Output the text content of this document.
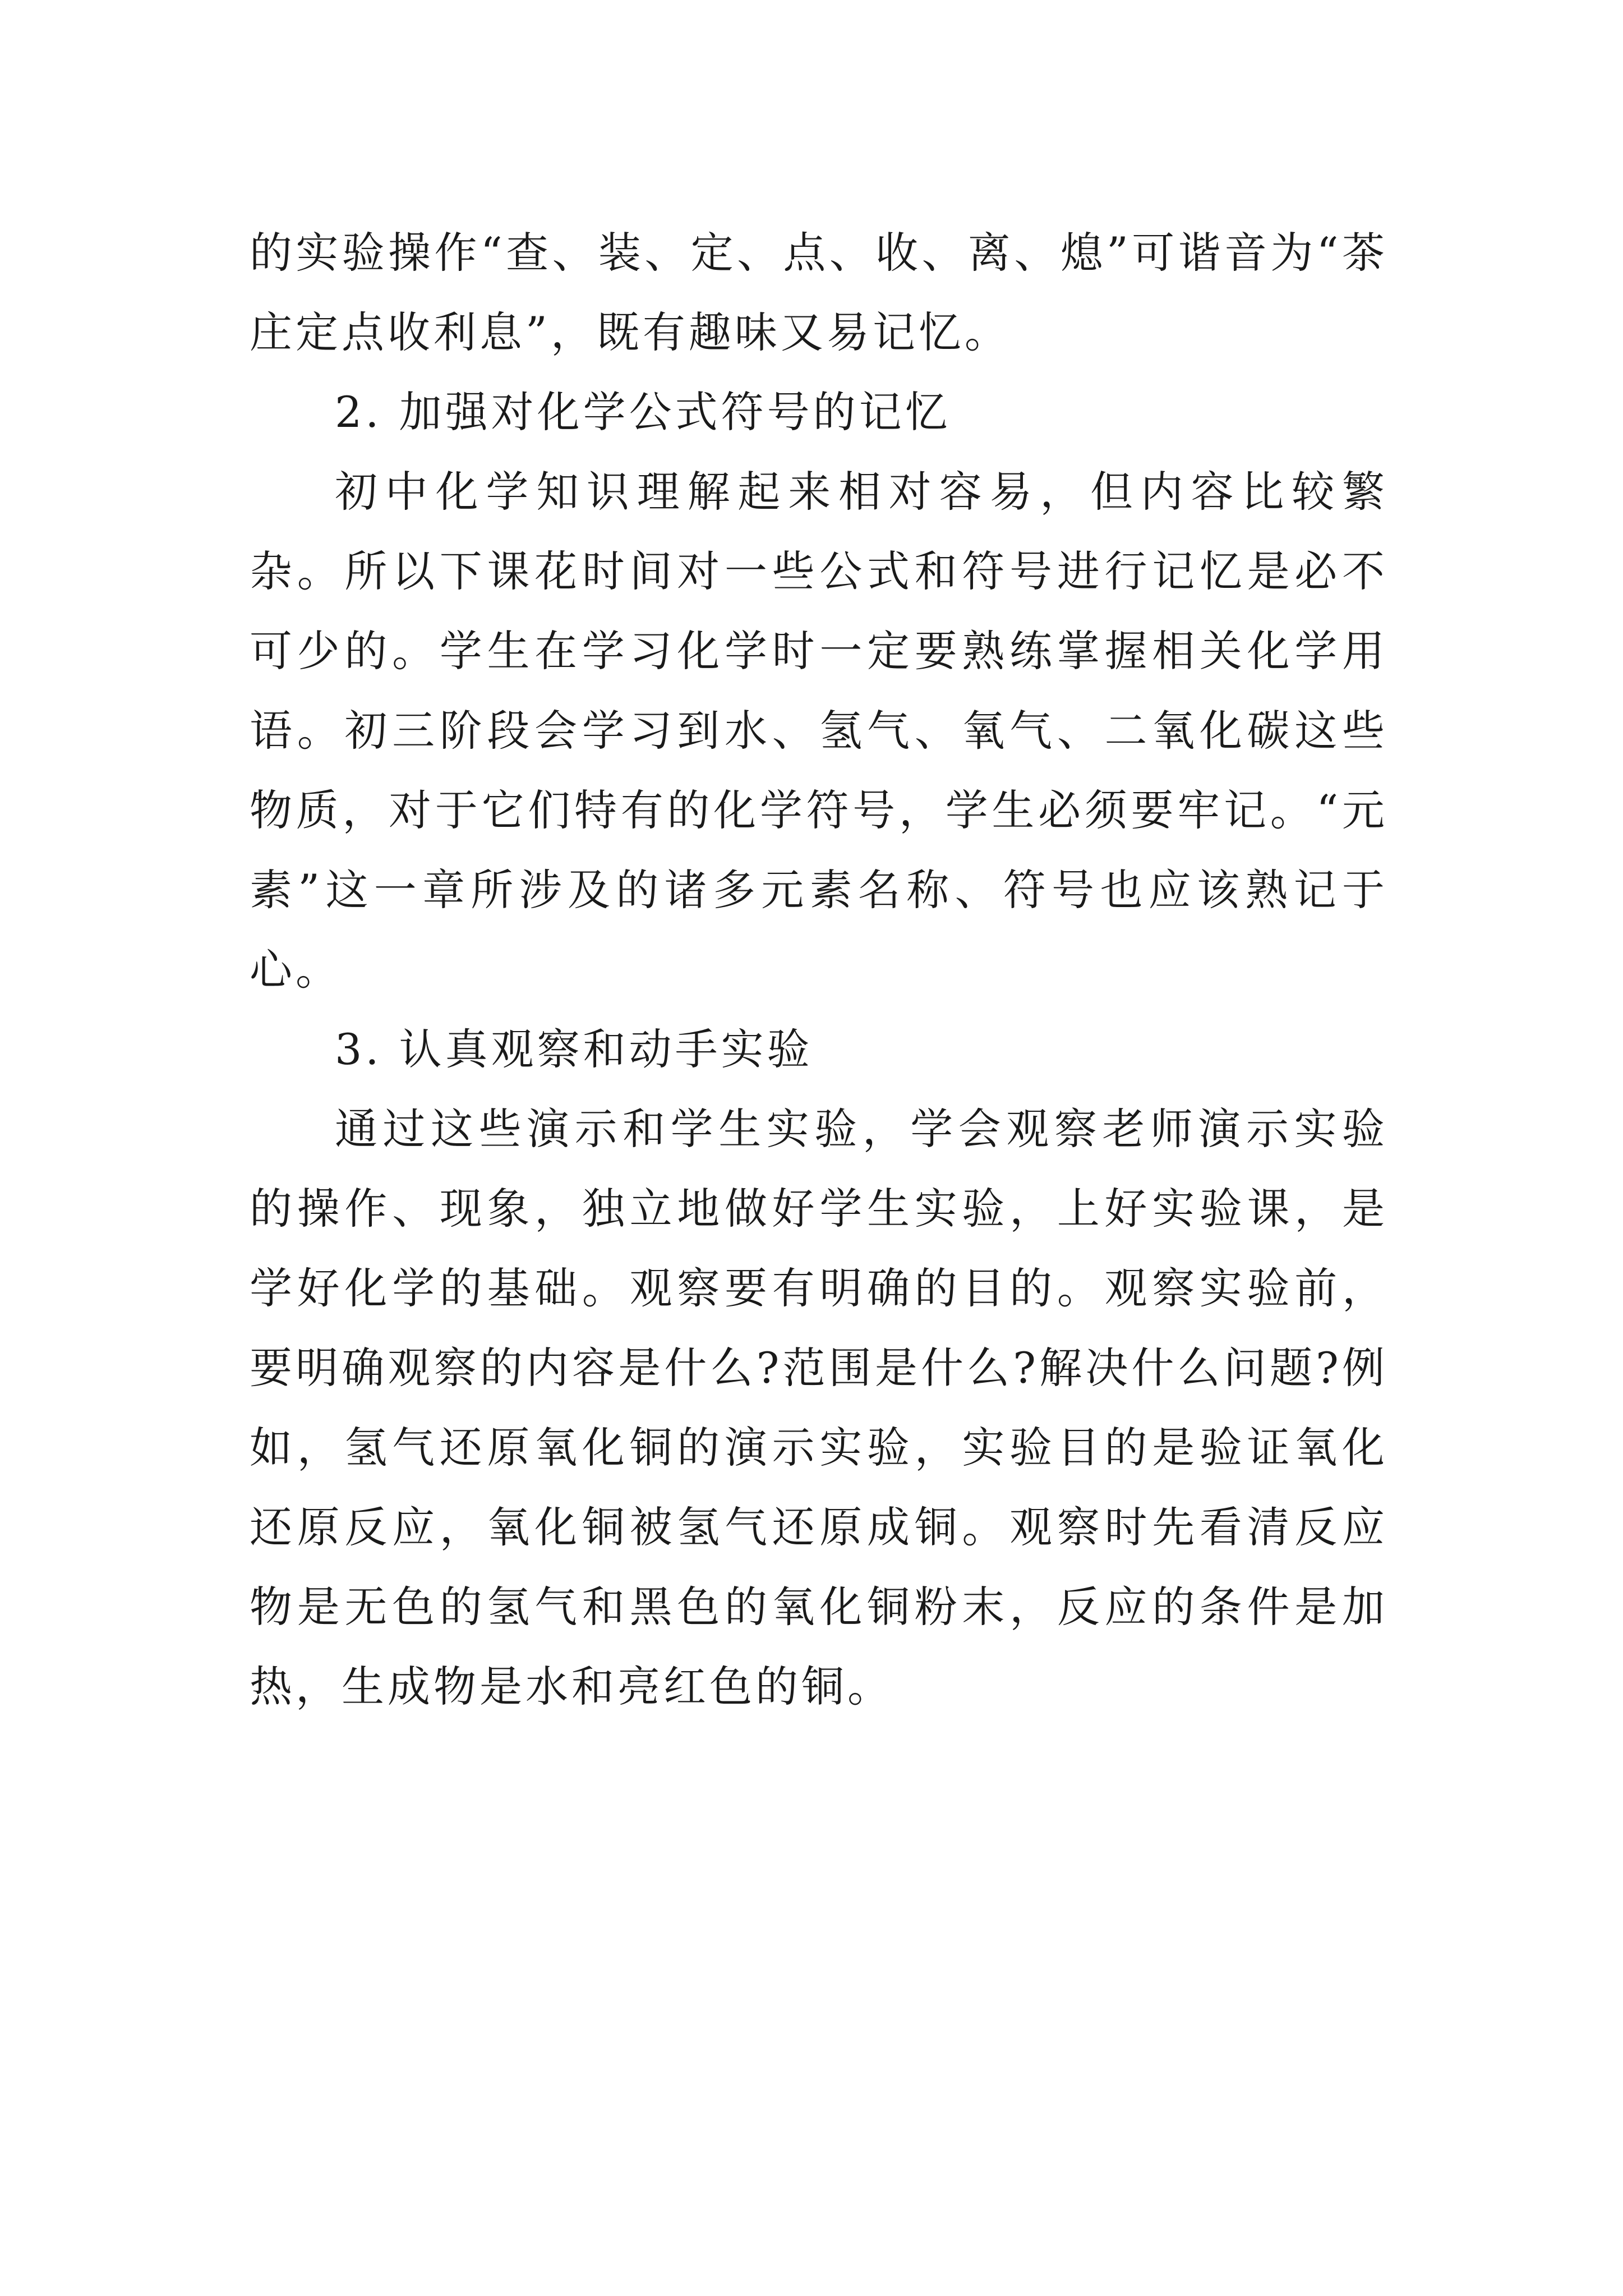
的实验操作“查、装、定、点、收、离、熄”可谐音为“茶庄定点收利息”，既有趣味又易记忆。

2. 加强对化学公式符号的记忆

初中化学知识理解起来相对容易，但内容比较繁杂。所以下课花时间对一些公式和符号进行记忆是必不可少的。学生在学习化学时一定要熟练掌握相关化学用语。初三阶段会学习到水、氢气、氧气、二氧化碳这些物质，对于它们特有的化学符号，学生必须要牢记。“元素”这一章所涉及的诸多元素名称、符号也应该熟记于心。

3. 认真观察和动手实验

通过这些演示和学生实验，学会观察老师演示实验的操作、现象，独立地做好学生实验，上好实验课，是学好化学的基础。观察要有明确的目的。观察实验前，要明确观察的内容是什么?范围是什么?解决什么问题?例如，氢气还原氧化铜的演示实验，实验目的是验证氧化还原反应，氧化铜被氢气还原成铜。观察时先看清反应物是无色的氢气和黑色的氧化铜粉末，反应的条件是加热，生成物是水和亮红色的铜。
